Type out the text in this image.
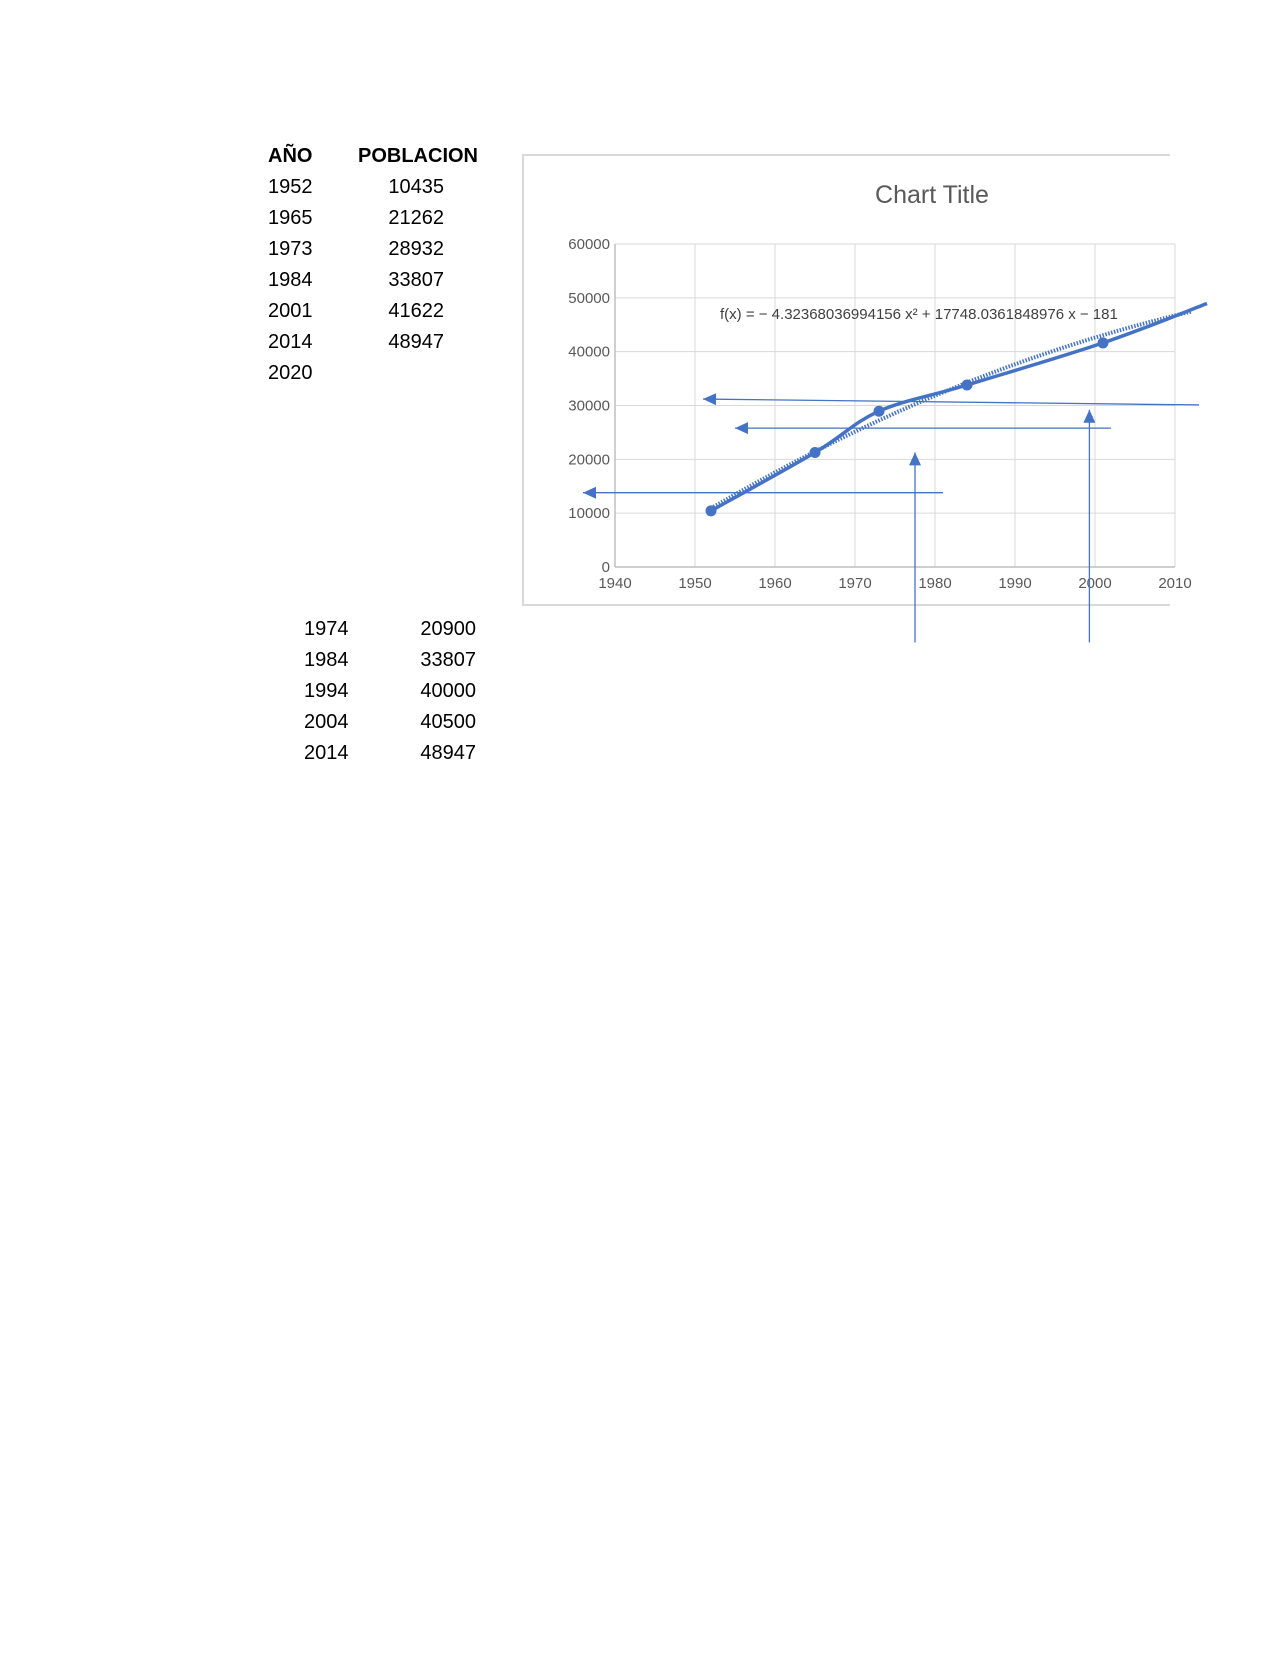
AÑO POBLACION
1952	10435
1965	21262
1973	28932
1984	33807
2001	41622
2014	48947
2020
1974	20900
1984	33807
1994	40000
2004	40500
2014	48947
Chart Title
1940	1950	1960	1970	1980	1990	2000	2010
0
10000
20000
30000
40000
50000
60000
f(x) = − 4.32368036994156 x² + 17748.0361848976 x − 181
